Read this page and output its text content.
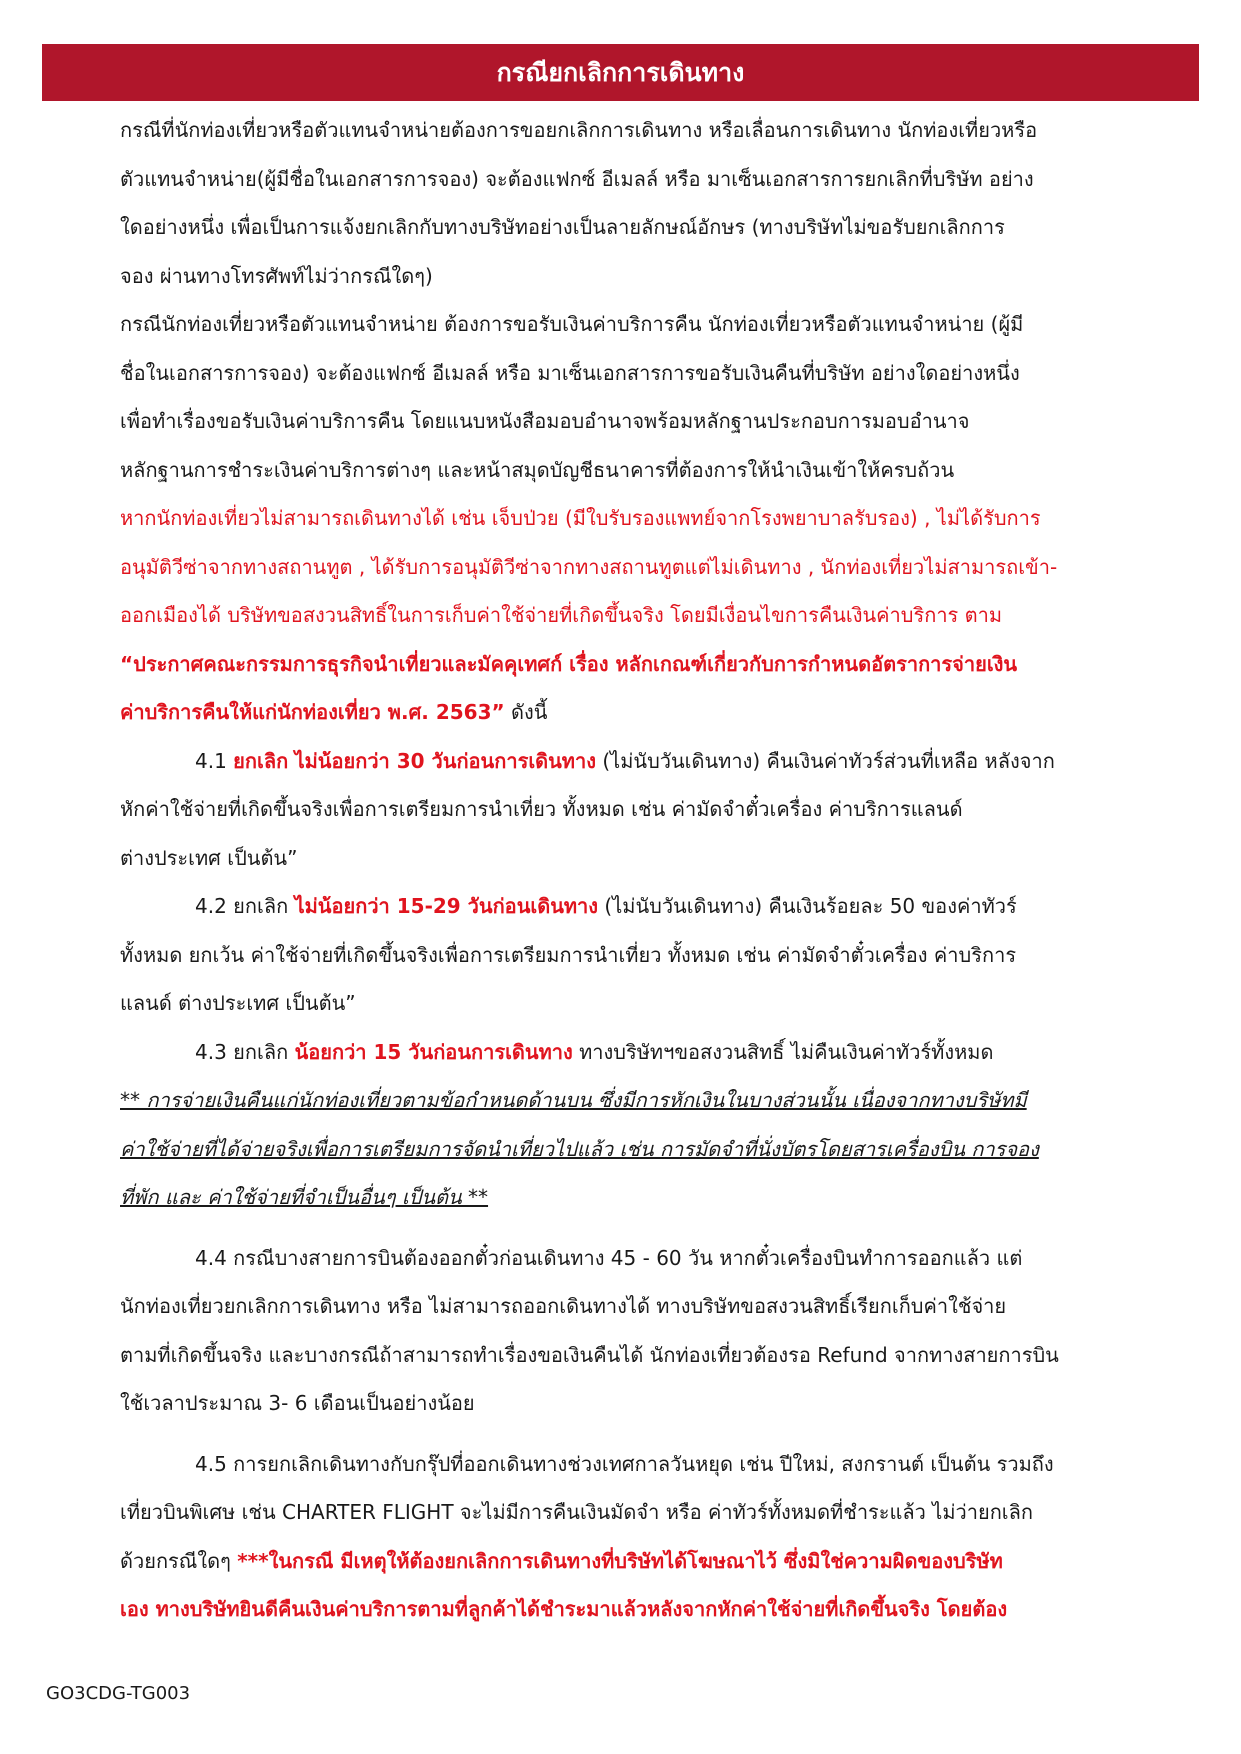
กรณียกเลิกการเดินทาง
กรณีที่นักท่องเที่ยวหรือตัวแทนจำหน่ายต้องการขอยกเลิกการเดินทาง หรือเลื่อนการเดินทาง นักท่องเที่ยวหรือ
ตัวแทนจำหน่าย(ผู้มีชื่อในเอกสารการจอง) จะต้องแฟกซ์ อีเมลล์ หรือ มาเซ็นเอกสารการยกเลิกที่บริษัท อย่าง
ใดอย่างหนึ่ง เพื่อเป็นการแจ้งยกเลิกกับทางบริษัทอย่างเป็นลายลักษณ์อักษร (ทางบริษัทไม่ขอรับยกเลิกการ
จอง ผ่านทางโทรศัพท์ไม่ว่ากรณีใดๆ)
กรณีนักท่องเที่ยวหรือตัวแทนจำหน่าย ต้องการขอรับเงินค่าบริการคืน นักท่องเที่ยวหรือตัวแทนจำหน่าย (ผู้มี
ชื่อในเอกสารการจอง) จะต้องแฟกซ์ อีเมลล์ หรือ มาเซ็นเอกสารการขอรับเงินคืนที่บริษัท อย่างใดอย่างหนึ่ง
เพื่อทำเรื่องขอรับเงินค่าบริการคืน โดยแนบหนังสือมอบอำนาจพร้อมหลักฐานประกอบการมอบอำนาจ
หลักฐานการชำระเงินค่าบริการต่างๆ และหน้าสมุดบัญชีธนาคารที่ต้องการให้นำเงินเข้าให้ครบถ้วน
หากนักท่องเที่ยวไม่สามารถเดินทางได้ เช่น เจ็บป่วย (มีใบรับรองแพทย์จากโรงพยาบาลรับรอง) , ไม่ได้รับการ
อนุมัติวีซ่าจากทางสถานทูต , ได้รับการอนุมัติวีซ่าจากทางสถานทูตแต่ไม่เดินทาง , นักท่องเที่ยวไม่สามารถเข้า-
ออกเมืองได้ บริษัทขอสงวนสิทธิ์ในการเก็บค่าใช้จ่ายที่เกิดขึ้นจริง โดยมีเงื่อนไขการคืนเงินค่าบริการ ตาม
“ประกาศคณะกรรมการธุรกิจนำเที่ยวและมัคคุเทศก์ เรื่อง หลักเกณฑ์เกี่ยวกับการกำหนดอัตราการจ่ายเงิน
ค่าบริการคืนให้แก่นักท่องเที่ยว พ.ศ. 2563” ดังนี้
4.1 ยกเลิก ไม่น้อยกว่า 30 วันก่อนการเดินทาง (ไม่นับวันเดินทาง) คืนเงินค่าทัวร์ส่วนที่เหลือ หลังจาก
หักค่าใช้จ่ายที่เกิดขึ้นจริงเพื่อการเตรียมการนำเที่ยว ทั้งหมด เช่น ค่ามัดจำตั๋วเครื่อง ค่าบริการแลนด์
ต่างประเทศ เป็นต้น”
4.2 ยกเลิก ไม่น้อยกว่า 15-29 วันก่อนเดินทาง (ไม่นับวันเดินทาง) คืนเงินร้อยละ 50 ของค่าทัวร์
ทั้งหมด ยกเว้น ค่าใช้จ่ายที่เกิดขึ้นจริงเพื่อการเตรียมการนำเที่ยว ทั้งหมด เช่น ค่ามัดจำตั๋วเครื่อง ค่าบริการ
แลนด์ ต่างประเทศ เป็นต้น”
4.3 ยกเลิก น้อยกว่า 15 วันก่อนการเดินทาง ทางบริษัทฯขอสงวนสิทธิ์ ไม่คืนเงินค่าทัวร์ทั้งหมด
** การจ่ายเงินคืนแก่นักท่องเที่ยวตามข้อกำหนดด้านบน ซึ่งมีการหักเงินในบางส่วนนั้น เนื่องจากทางบริษัทมี
ค่าใช้จ่ายที่ได้จ่ายจริงเพื่อการเตรียมการจัดนำเที่ยวไปแล้ว เช่น การมัดจำที่นั่งบัตรโดยสารเครื่องบิน การจอง
ที่พัก และ ค่าใช้จ่ายที่จำเป็นอื่นๆ เป็นต้น **
4.4 กรณีบางสายการบินต้องออกตั๋วก่อนเดินทาง 45 - 60 วัน หากตั๋วเครื่องบินทำการออกแล้ว แต่
นักท่องเที่ยวยกเลิกการเดินทาง หรือ ไม่สามารถออกเดินทางได้ ทางบริษัทขอสงวนสิทธิ์เรียกเก็บค่าใช้จ่าย
ตามที่เกิดขึ้นจริง และบางกรณีถ้าสามารถทำเรื่องขอเงินคืนได้ นักท่องเที่ยวต้องรอ Refund จากทางสายการบิน
ใช้เวลาประมาณ 3- 6 เดือนเป็นอย่างน้อย
4.5 การยกเลิกเดินทางกับกรุ๊ปที่ออกเดินทางช่วงเทศกาลวันหยุด เช่น ปีใหม่, สงกรานต์ เป็นต้น รวมถึง
เที่ยวบินพิเศษ เช่น CHARTER FLIGHT จะไม่มีการคืนเงินมัดจำ หรือ ค่าทัวร์ทั้งหมดที่ชำระแล้ว ไม่ว่ายกเลิก
ด้วยกรณีใดๆ ***ในกรณี มีเหตุให้ต้องยกเลิกการเดินทางที่บริษัทได้โฆษณาไว้ ซึ่งมิใช่ความผิดของบริษัท
เอง ทางบริษัทยินดีคืนเงินค่าบริการตามที่ลูกค้าได้ชำระมาแล้วหลังจากหักค่าใช้จ่ายที่เกิดขึ้นจริง โดยต้อง
GO3CDG-TG003
